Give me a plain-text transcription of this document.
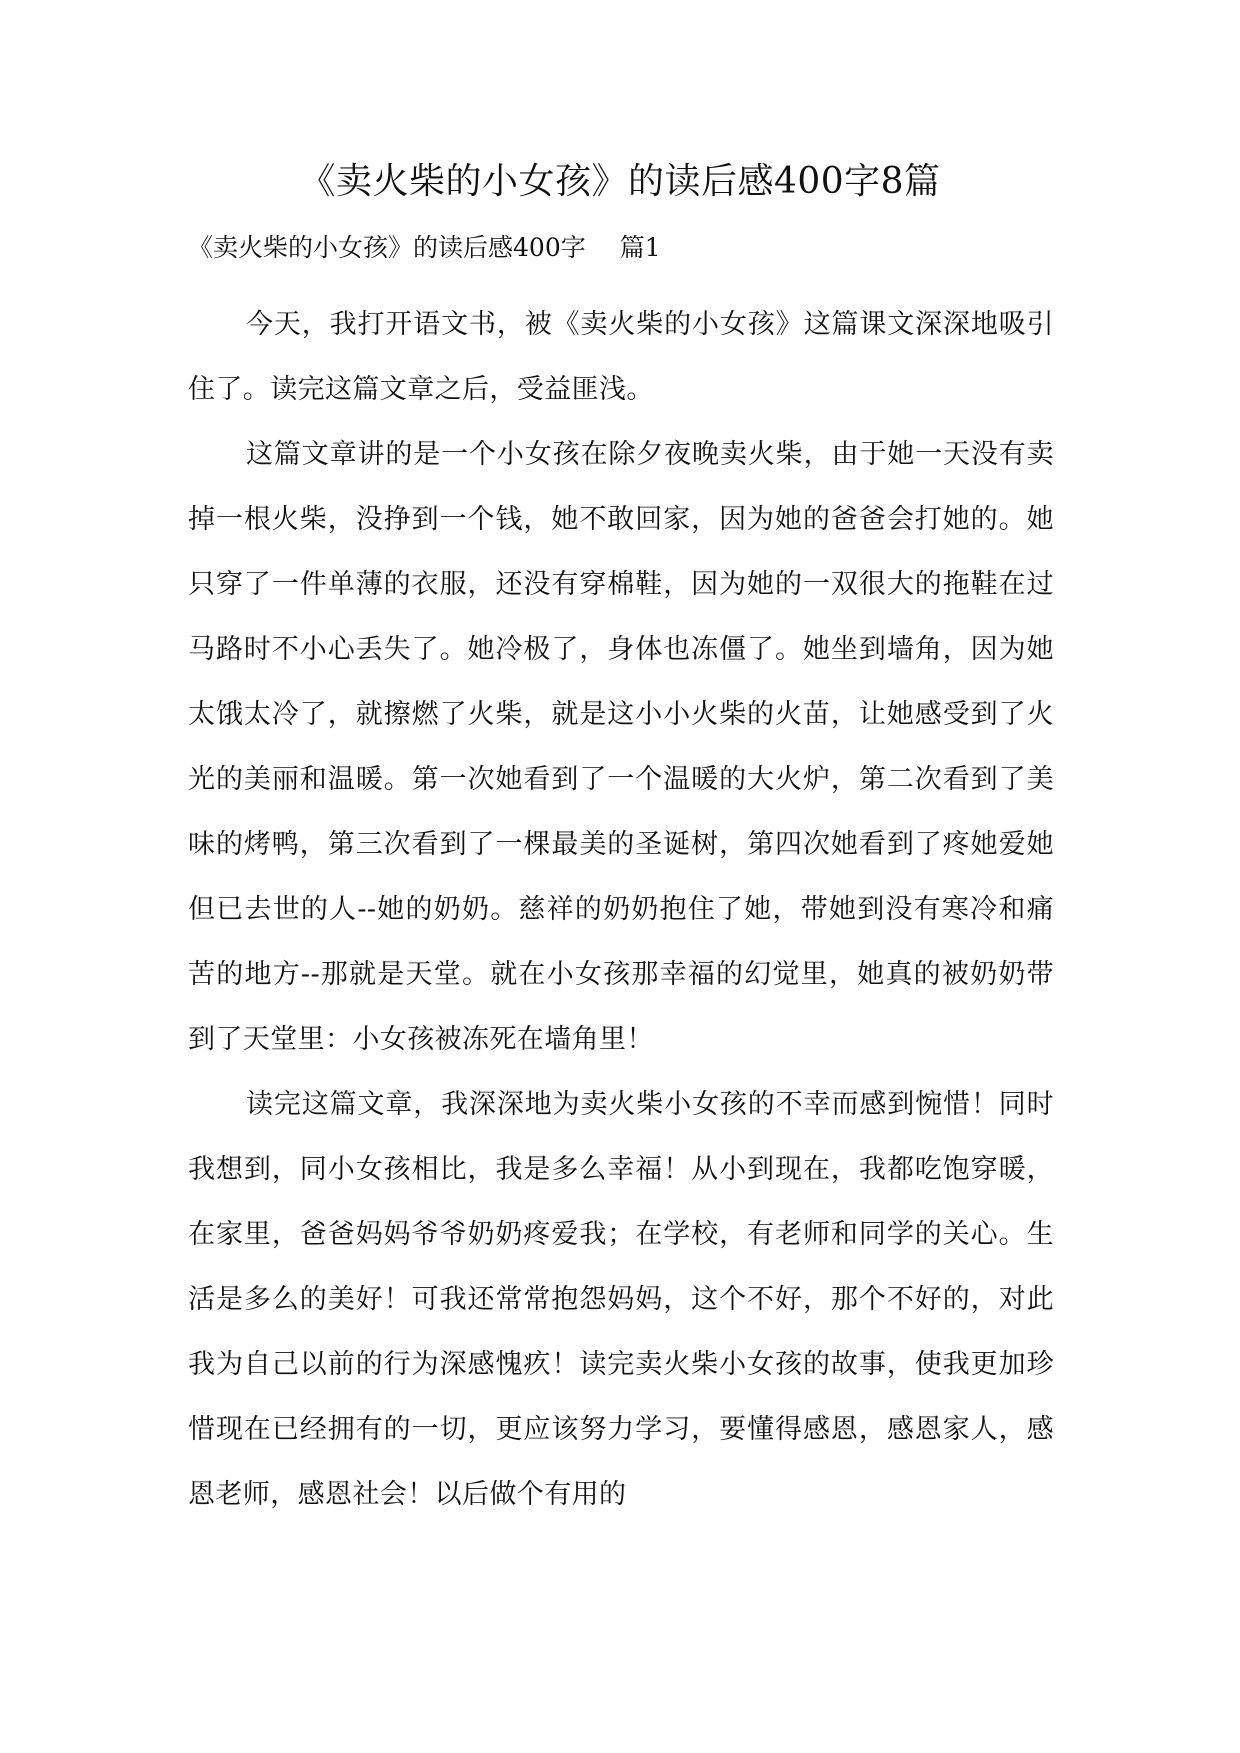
《卖火柴的小女孩》的读后感400字8篇
《卖火柴的小女孩》的读后感400字 篇1

今天，我打开语文书，被《卖火柴的小女孩》这篇课文深深地吸引住了。读完这篇文章之后，受益匪浅。

这篇文章讲的是一个小女孩在除夕夜晚卖火柴，由于她一天没有卖掉一根火柴，没挣到一个钱，她不敢回家，因为她的爸爸会打她的。她只穿了一件单薄的衣服，还没有穿棉鞋，因为她的一双很大的拖鞋在过马路时不小心丢失了。她冷极了，身体也冻僵了。她坐到墙角，因为她太饿太冷了，就擦燃了火柴，就是这小小火柴的火苗，让她感受到了火光的美丽和温暖。第一次她看到了一个温暖的大火炉，第二次看到了美味的烤鸭，第三次看到了一棵最美的圣诞树，第四次她看到了疼她爱她但已去世的人--她的奶奶。慈祥的奶奶抱住了她，带她到没有寒冷和痛苦的地方--那就是天堂。就在小女孩那幸福的幻觉里，她真的被奶奶带到了天堂里：小女孩被冻死在墙角里！

读完这篇文章，我深深地为卖火柴小女孩的不幸而感到惋惜！同时我想到，同小女孩相比，我是多么幸福！从小到现在，我都吃饱穿暖，在家里，爸爸妈妈爷爷奶奶疼爱我；在学校，有老师和同学的关心。生活是多么的美好！可我还常常抱怨妈妈，这个不好，那个不好的，对此我为自己以前的行为深感愧疚！读完卖火柴小女孩的故事，使我更加珍惜现在已经拥有的一切，更应该努力学习，要懂得感恩，感恩家人，感恩老师，感恩社会！以后做个有用的
